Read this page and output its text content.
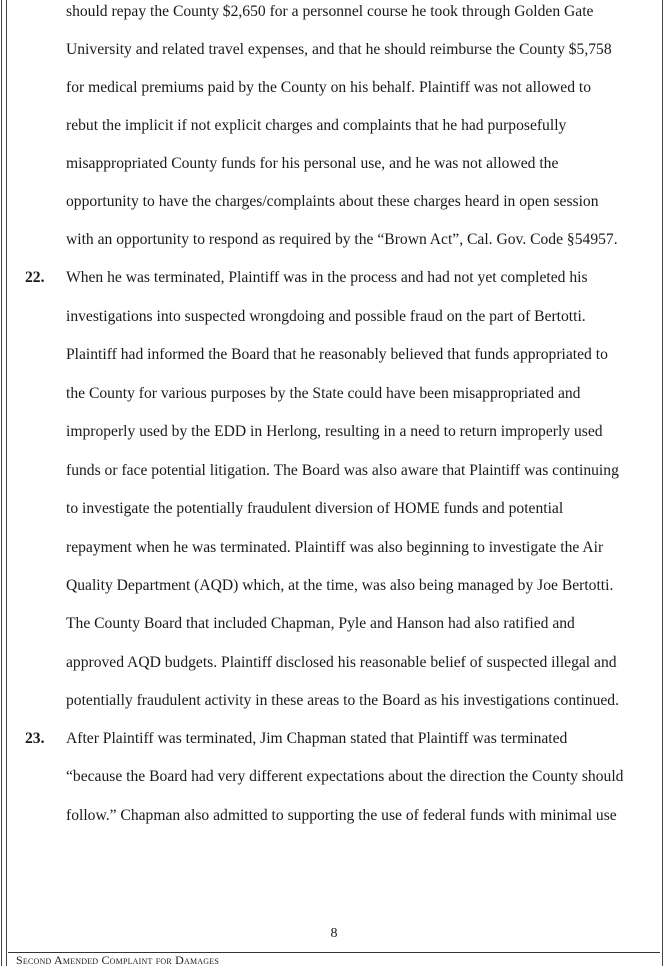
should repay the County $2,650 for a personnel course he took through Golden Gate
University and related travel expenses, and that he should reimburse the County $5,758
for medical premiums paid by the County on his behalf. Plaintiff was not allowed to
rebut the implicit if not explicit charges and complaints that he had purposefully
misappropriated County funds for his personal use, and he was not allowed the
opportunity to have the charges/complaints about these charges heard in open session
with an opportunity to respond as required by the “Brown Act”, Cal. Gov. Code §54957.
22. When he was terminated, Plaintiff was in the process and had not yet completed his
investigations into suspected wrongdoing and possible fraud on the part of Bertotti.
Plaintiff had informed the Board that he reasonably believed that funds appropriated to
the County for various purposes by the State could have been misappropriated and
improperly used by the EDD in Herlong, resulting in a need to return improperly used
funds or face potential litigation. The Board was also aware that Plaintiff was continuing
to investigate the potentially fraudulent diversion of HOME funds and potential
repayment when he was terminated. Plaintiff was also beginning to investigate the Air
Quality Department (AQD) which, at the time, was also being managed by Joe Bertotti.
The County Board that included Chapman, Pyle and Hanson had also ratified and
approved AQD budgets. Plaintiff disclosed his reasonable belief of suspected illegal and
potentially fraudulent activity in these areas to the Board as his investigations continued.
23. After Plaintiff was terminated, Jim Chapman stated that Plaintiff was terminated
“because the Board had very different expectations about the direction the County should
follow.” Chapman also admitted to supporting the use of federal funds with minimal use
8
Second Amended Complaint for Damages
